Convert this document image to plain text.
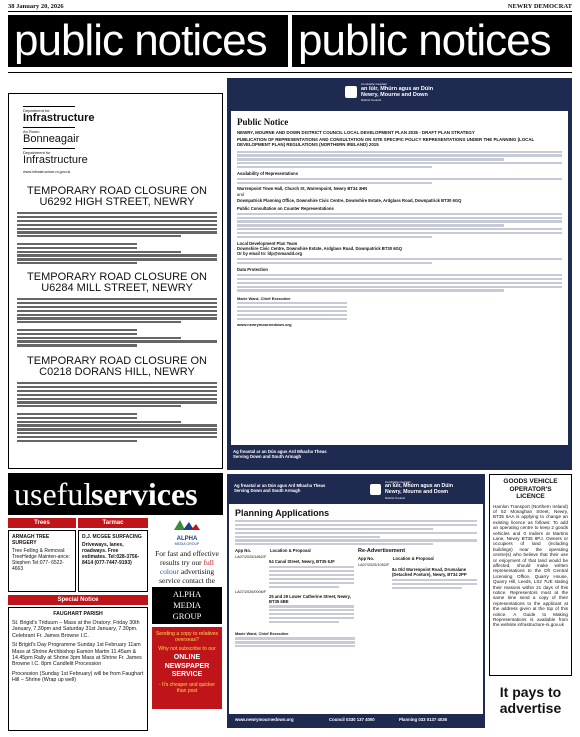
38 January 20, 2026	NEWRY DEMOCRAT
public notices public notices
Department for
Infrastructure
An Roinn
Bonneagair
Depairtment fur
Infrastructure
www.infrastructure-ni.gov.uk
TEMPORARY ROAD CLOSURE ON U6292 HIGH STREET, NEWRY
TEMPORARY ROAD CLOSURE ON U6284 MILL STREET, NEWRY
TEMPORARY ROAD CLOSURE ON C0218 DORANS HILL, NEWRY
Comhairle Ceantair
an Iúir, Mhúrn agus an Dúin
Newry, Mourne and Down
District Council
Public Notice
NEWRY, MOURNE AND DOWN DISTRICT COUNCIL LOCAL DEVELOPMENT PLAN 2035 - DRAFT PLAN STRATEGY
PUBLICATION OF REPRESENTATIONS AND CONSULTATION ON SITE SPECIFIC POLICY REPRESENTATIONS UNDER THE PLANNING (LOCAL DEVELOPMENT PLAN) REGULATIONS (NORTHERN IRELAND) 2015
Availability of Representations
Warrenpoint Town Hall, Church St, Warrenpoint, Newry BT34 3HN
and
Downpatrick Planning Office, Downshire Civic Centre, Downshire Estate, Ardglass Road, Downpatrick BT30 6GQ
Public Consultation on Counter Representations
Local Development Plan Team
Downshire Civic Centre, Downshire Estate, Ardglass Road, Downpatrick BT30 6GQ
Or by email to: ldp@nmandd.org
Data Protection
Marie Ward, Chief Executive
www.newrymournedown.org
Ag freastal ar an Dún agus Ard Mhacha Theas
Serving Down and South Armagh
useful
services
Trees
ARMAGH TREE SURGERY
Tree Felling & Removal: TreeHedge Mainten-ance: Stephen Tel:077- 6522-4663
Tarmac
D.J. MCGEE SURFACING
Driveways, lanes, roadways. Free estimates. Tel:028-3756-8414 (077-7447-9193)
Special Notice
FAUGHART PARISH
St. Brigid's Triduum – Mass at the Oratory: Friday 30th January, 7.30pm and Saturday 31st January, 7.30pm. Celebrant Fr. James Browne I.C.
St Brigid's Day Programme Sunday 1st February 11am Mass at Shrine Archbishop Eamon Martin 11.45am & 14.45pm Rally at Shrine 3pm Mass at Shrine Fr. James Browne I.C. 8pm Candlelit Procession
Procession (Sunday 1st February) will be from Faughart Hill – Shrine (Wrap up well)
ALPHA
MEDIA GROUP
For fast and effective results try our full colour advertising service contact the
ALPHA
MEDIA
GROUP
Sending a copy to relatives overseas?
Why not subscribe to our
ONLINE NEWSPAPER SERVICE
- It's cheaper and quicker than post
Ag freastal ar an Dún agus Ard Mhacha Theas
Serving Down and South Armagh
Comhairle Ceantair
an Iúir, Mhúrn agus an Dúin
Newry, Mourne and Down
District Council
Planning Applications
App No.	Location & Proposal
LA07/2025/1862/F
54 Canal Street, Newry, BT35 6JF
LA07/2026/0006/F
25 and 29 Lower Catherine Street, Newry, BT35 6BE
Re-Advertisement
App No.	Location & Proposal
LA07/2025/1052/F
8a Old Warrenpoint Road, Drumalane (Detached Posture), Newry, BT34 2PP
Marie Ward, Chief Executive
www.newrymournedown.org	Council 0330 137 4000	Planning 033 0137 4036
GOODS VEHICLE
OPERATOR'S
LICENCE
Hamlon Transport (Northern Ireland) of 52 Monaghan Street, Newry, BT35 6AA is applying to change an existing licence as follows: To add an operating centre to keep 2 goods vehicles and 0 trailers at Martins Lane, Newry BT35 8PJ. Owners or occupiers of land (including buildings) near the operating centre(s) who believe that their use or enjoyment of that land would be affected, should make written representations to the DfI Central Licensing Office, Quarry House, Quarry Hill, Leeds, LS2 7UE stating their reasons within 21 days of this notice. Representors must at the same time send a copy of their representations to the applicant at the address given at the top of this notice. A Guide to Making Representations is available from the website infrastructure-ni.gov.uk
It pays to
advertise
